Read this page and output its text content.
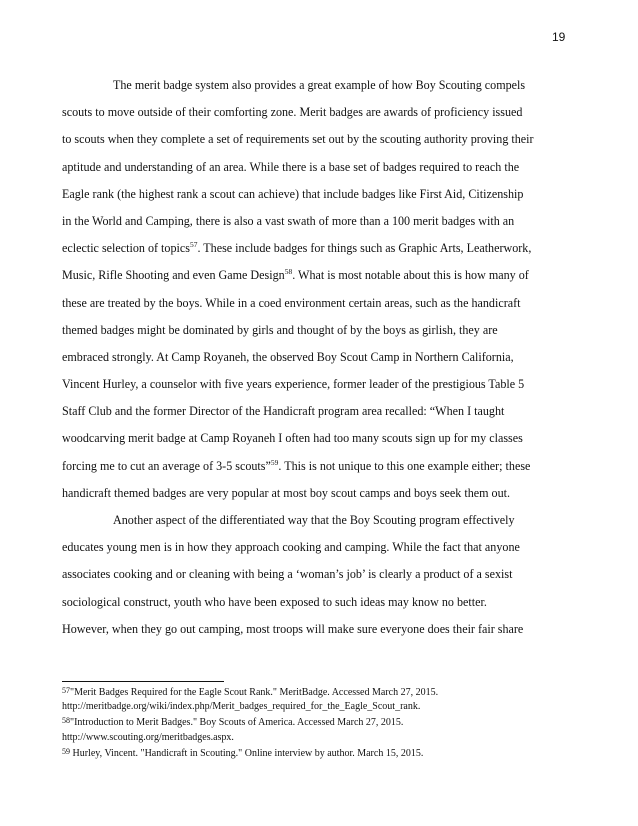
19
The merit badge system also provides a great example of how Boy Scouting compels
scouts to move outside of their comforting zone. Merit badges are awards of proficiency issued
to scouts when they complete a set of requirements set out by the scouting authority proving their
aptitude and understanding of an area. While there is a base set of badges required to reach the
Eagle rank (the highest rank a scout can achieve) that include badges like First Aid, Citizenship
in the World and Camping, there is also a vast swath of more than a 100 merit badges with an
eclectic selection of topics$^{57}$. These include badges for things such as Graphic Arts, Leatherwork,
Music, Rifle Shooting and even Game Design$^{58}$. What is most notable about this is how many of
these are treated by the boys. While in a coed environment certain areas, such as the handicraft
themed badges might be dominated by girls and thought of by the boys as girlish, they are
embraced strongly. At Camp Royaneh, the observed Boy Scout Camp in Northern California,
Vincent Hurley, a counselor with five years experience, former leader of the prestigious Table 5
Staff Club and the former Director of the Handicraft program area recalled: “When I taught
woodcarving merit badge at Camp Royaneh I often had too many scouts sign up for my classes
forcing me to cut an average of 3-5 scouts”$^{59}$. This is not unique to this one example either; these
handicraft themed badges are very popular at most boy scout camps and boys seek them out.
Another aspect of the differentiated way that the Boy Scouting program effectively
educates young men is in how they approach cooking and camping. While the fact that anyone
associates cooking and or cleaning with being a ‘woman’s job’ is clearly a product of a sexist
sociological construct, youth who have been exposed to such ideas may know no better.
However, when they go out camping, most troops will make sure everyone does their fair share
$^{57}$"Merit Badges Required for the Eagle Scout Rank." MeritBadge. Accessed March 27, 2015.
http://meritbadge.org/wiki/index.php/Merit_badges_required_for_the_Eagle_Scout_rank.
$^{58}$"Introduction to Merit Badges." Boy Scouts of America. Accessed March 27, 2015.
http://www.scouting.org/meritbadges.aspx.
$^{59}$ Hurley, Vincent. "Handicraft in Scouting." Online interview by author. March 15, 2015.
